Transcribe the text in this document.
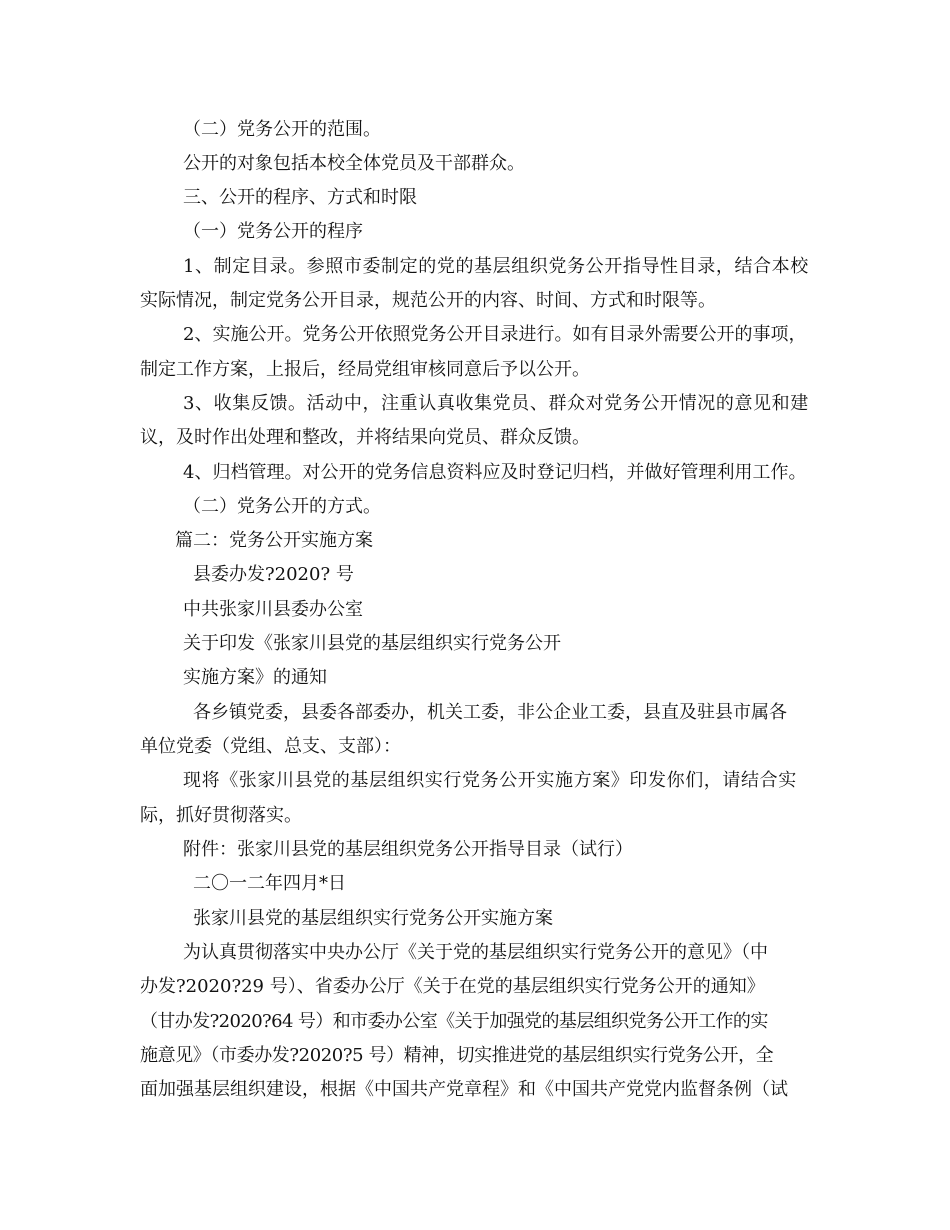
（二）党务公开的范围。
公开的对象包括本校全体党员及干部群众。
三、公开的程序、方式和时限
（一）党务公开的程序
1、制定目录。参照市委制定的党的基层组织党务公开指导性目录，结合本校
实际情况，制定党务公开目录，规范公开的内容、时间、方式和时限等。
2、实施公开。党务公开依照党务公开目录进行。如有目录外需要公开的事项，
制定工作方案，上报后，经局党组审核同意后予以公开。
3、收集反馈。活动中，注重认真收集党员、群众对党务公开情况的意见和建
议，及时作出处理和整改，并将结果向党员、群众反馈。
4、归档管理。对公开的党务信息资料应及时登记归档，并做好管理利用工作。
（二）党务公开的方式。
篇二：党务公开实施方案
县委办发?2020? 号
中共张家川县委办公室
关于印发《张家川县党的基层组织实行党务公开
实施方案》的通知
各乡镇党委，县委各部委办，机关工委，非公企业工委，县直及驻县市属各
单位党委（党组、总支、支部）：
现将《张家川县党的基层组织实行党务公开实施方案》印发你们，请结合实
际，抓好贯彻落实。
附件：张家川县党的基层组织党务公开指导目录（试行）
二〇一二年四月*日
张家川县党的基层组织实行党务公开实施方案
为认真贯彻落实中央办公厅《关于党的基层组织实行党务公开的意见》（中
办发?2020?29 号）、省委办公厅《关于在党的基层组织实行党务公开的通知》
（甘办发?2020?64 号）和市委办公室《关于加强党的基层组织党务公开工作的实
施意见》（市委办发?2020?5 号）精神，切实推进党的基层组织实行党务公开，全
面加强基层组织建设，根据《中国共产党章程》和《中国共产党党内监督条例（试
